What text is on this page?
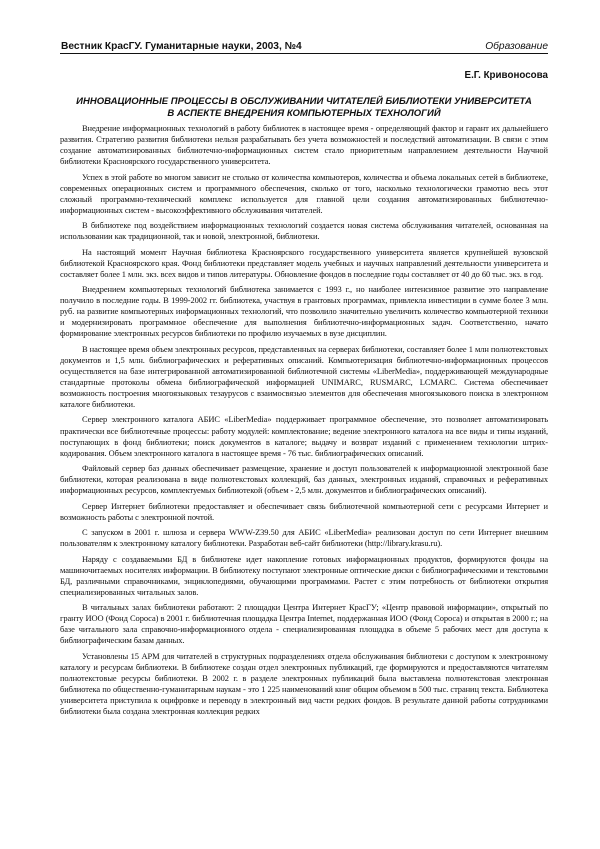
Вестник КрасГУ. Гуманитарные науки, 2003, №4	Образование
Е.Г. Кривоносова
ИННОВАЦИОННЫЕ ПРОЦЕССЫ В ОБСЛУЖИВАНИИ ЧИТАТЕЛЕЙ БИБЛИОТЕКИ УНИВЕРСИТЕТА
В АСПЕКТЕ ВНЕДРЕНИЯ КОМПЬЮТЕРНЫХ ТЕХНОЛОГИЙ

Внедрение информационных технологий в работу библиотек в настоящее время - определяющий фактор и гарант их дальнейшего развития. Стратегию развития библиотеки нельзя разрабатывать без учета возможностей и последствий автоматизации. В связи с этим создание автоматизированных библиотечно-информационных систем стало приоритетным направлением деятельности Научной библиотеки Красноярского государственного университета.

Успех в этой работе во многом зависит не столько от количества компьютеров, количества и объема локальных сетей в библиотеке, современных операционных систем и программного обеспечения, сколько от того, насколько технологически грамотно весь этот сложный программно-технический комплекс используется для главной цели создания автоматизированных библиотечно-информационных систем - высокоэффективного обслуживания читателей.

В библиотеке под воздействием информационных технологий создается новая система обслуживания читателей, основанная на использовании как традиционной, так и новой, электронной, библиотеки.

На настоящий момент Научная библиотека Красноярского государственного университета является крупнейшей вузовской библиотекой Красноярского края. Фонд библиотеки представляет модель учебных и научных направлений деятельности университета и составляет более 1 млн. экз. всех видов и типов литературы. Обновление фондов в последние годы составляет от 40 до 60 тыс. экз. в год.

Внедрением компьютерных технологий библиотека занимается с 1993 г., но наиболее интенсивное развитие это направление получило в последние годы. В 1999-2002 гг. библиотека, участвуя в грантовых программах, привлекла инвестиции в сумме более 3 млн. руб. на развитие компьютерных информационных технологий, что позволило значительно увеличить количество компьютерной техники и модернизировать программное обеспечение для выполнения библиотечно-информационных задач. Соответственно, начато формирование электронных ресурсов библиотеки по профилю изучаемых в вузе дисциплин.

В настоящее время объем электронных ресурсов, представленных на серверах библиотеки, составляет более 1 млн полнотекстовых документов и 1,5 млн. библиографических и реферативных описаний. Компьютеризация библиотечно-информационных процессов осуществляется на базе интегрированной автоматизированной библиотечной системы «LiberMedia», поддерживающей международные стандартные протоколы обмена библиографической информацией UNIMARC, RUSMARC, LCMARC. Система обеспечивает возможность построения многоязыковых тезаурусов с взаимосвязью элементов для обеспечения многоязыкового поиска в электронном каталоге библиотеки.

Сервер электронного каталога АБИС «LiberMedia» поддерживает программное обеспечение, это позволяет автоматизировать практически все библиотечные процессы: работу модулей: комплектование; ведение электронного каталога на все виды и типы изданий, поступающих в фонд библиотеки; поиск документов в каталоге; выдачу и возврат изданий с применением технологии штрих-кодирования. Объем электронного каталога в настоящее время - 76 тыс. библиографических описаний.

Файловый сервер баз данных обеспечивает размещение, хранение и доступ пользователей к информационной электронной базе библиотеки, которая реализована в виде полнотекстовых коллекций, баз данных, электронных изданий, справочных и реферативных информационных ресурсов, комплектуемых библиотекой (объем - 2,5 млн. документов и библиографических описаний).

Сервер Интернет библиотеки предоставляет и обеспечивает связь библиотечной компьютерной сети с ресурсами Интернет и возможность работы с электронной почтой.

С запуском в 2001 г. шлюза и сервера WWW-Z39.50 для АБИС «LiberMedia» реализован доступ по сети Интернет внешним пользователям к электронному каталогу библиотеки. Разработан веб-сайт библиотеки (http://library.krasu.ru).

Наряду с создаваемыми БД в библиотеке идет накопление готовых информационных продуктов, формируются фонды на машиночитаемых носителях информации. В библиотеку поступают электронные оптические диски с библиографическими и текстовыми БД, различными справочниками, энциклопедиями, обучающими программами. Растет с этим потребность от библиотеки открытия специализированных читальных залов.

В читальных залах библиотеки работают: 2 площадки Центра Интернет КрасГУ; «Центр правовой информации», открытый по гранту ИОО (Фонд Сороса) в 2001 г. библиотечная площадка Центра Internet, поддержанная ИОО (Фонд Сороса) и открытая в 2000 г.; на базе читального зала справочно-информационного отдела - специализированная площадка в объеме 5 рабочих мест для доступа к библиографическим базам данных.

Установлены 15 АРМ для читателей в структурных подразделениях отдела обслуживания библиотеки с доступом к электронному каталогу и ресурсам библиотеки. В библиотеке создан отдел электронных публикаций, где формируются и предоставляются читателям полнотекстовые ресурсы библиотеки. В 2002 г. в разделе электронных публикаций была выставлена полнотекстовая электронная библиотека по общественно-гуманитарным наукам - это 1 225 наименований книг общим объемом в 500 тыс. страниц текста. Библиотека университета приступила к оцифровке и переводу в электронный вид части редких фондов. В результате данной работы сотрудниками библиотеки была создана электронная коллекция редких
